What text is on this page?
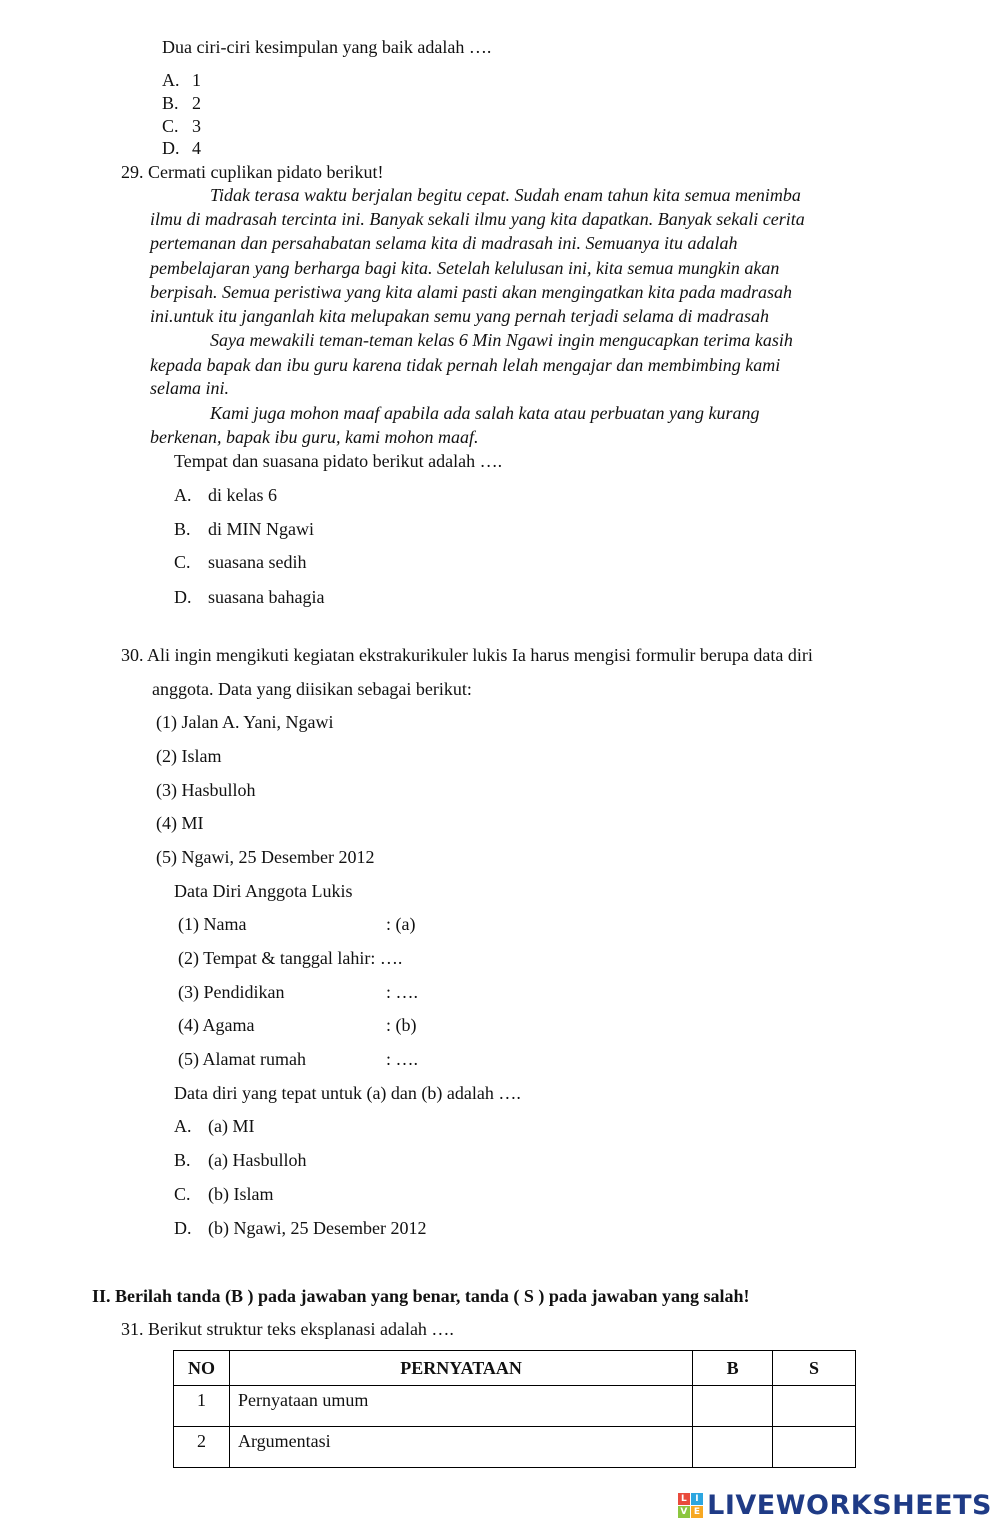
Dua ciri-ciri kesimpulan yang baik adalah ….
A. 1
B. 2
C. 3
D. 4
29. Cermati cuplikan pidato berikut!
Tidak terasa waktu berjalan begitu cepat. Sudah enam tahun kita semua menimba
ilmu di madrasah tercinta ini. Banyak sekali ilmu yang kita dapatkan. Banyak sekali cerita
pertemanan dan persahabatan selama kita di madrasah ini. Semuanya itu adalah
pembelajaran yang berharga bagi kita. Setelah kelulusan ini, kita semua mungkin akan
berpisah. Semua peristiwa yang kita alami pasti akan mengingatkan kita pada madrasah
ini.untuk itu janganlah kita melupakan semu yang pernah terjadi selama di madrasah
Saya mewakili teman-teman kelas 6 Min Ngawi ingin mengucapkan terima kasih
kepada bapak dan ibu guru karena tidak pernah lelah mengajar dan membimbing kami
selama ini.
Kami juga mohon maaf apabila ada salah kata atau perbuatan yang kurang
berkenan, bapak ibu guru, kami mohon maaf.
Tempat dan suasana pidato berikut adalah ….
A. di kelas 6
B. di MIN Ngawi
C. suasana sedih
D. suasana bahagia
30. Ali ingin mengikuti kegiatan ekstrakurikuler lukis Ia harus mengisi formulir berupa data diri
anggota. Data yang diisikan sebagai berikut:
(1) Jalan A. Yani, Ngawi
(2) Islam
(3) Hasbulloh
(4) MI
(5) Ngawi, 25 Desember 2012
Data Diri Anggota Lukis
(1) Nama	: (a)
(2) Tempat & tanggal lahir: ….
(3) Pendidikan	: ….
(4) Agama	: (b)
(5) Alamat rumah	: ….
Data diri yang tepat untuk (a) dan (b) adalah ….
A. (a) MI
B. (a) Hasbulloh
C. (b) Islam
D. (b) Ngawi, 25 Desember 2012
II. Berilah tanda (B ) pada jawaban yang benar, tanda ( S ) pada jawaban yang salah!
31. Berikut struktur teks eksplanasi adalah ….
NO	PERNYATAAN	B	S
1	Pernyataan umum		
2	Argumentasi		
L I
V E LIVEWORKSHEETS
